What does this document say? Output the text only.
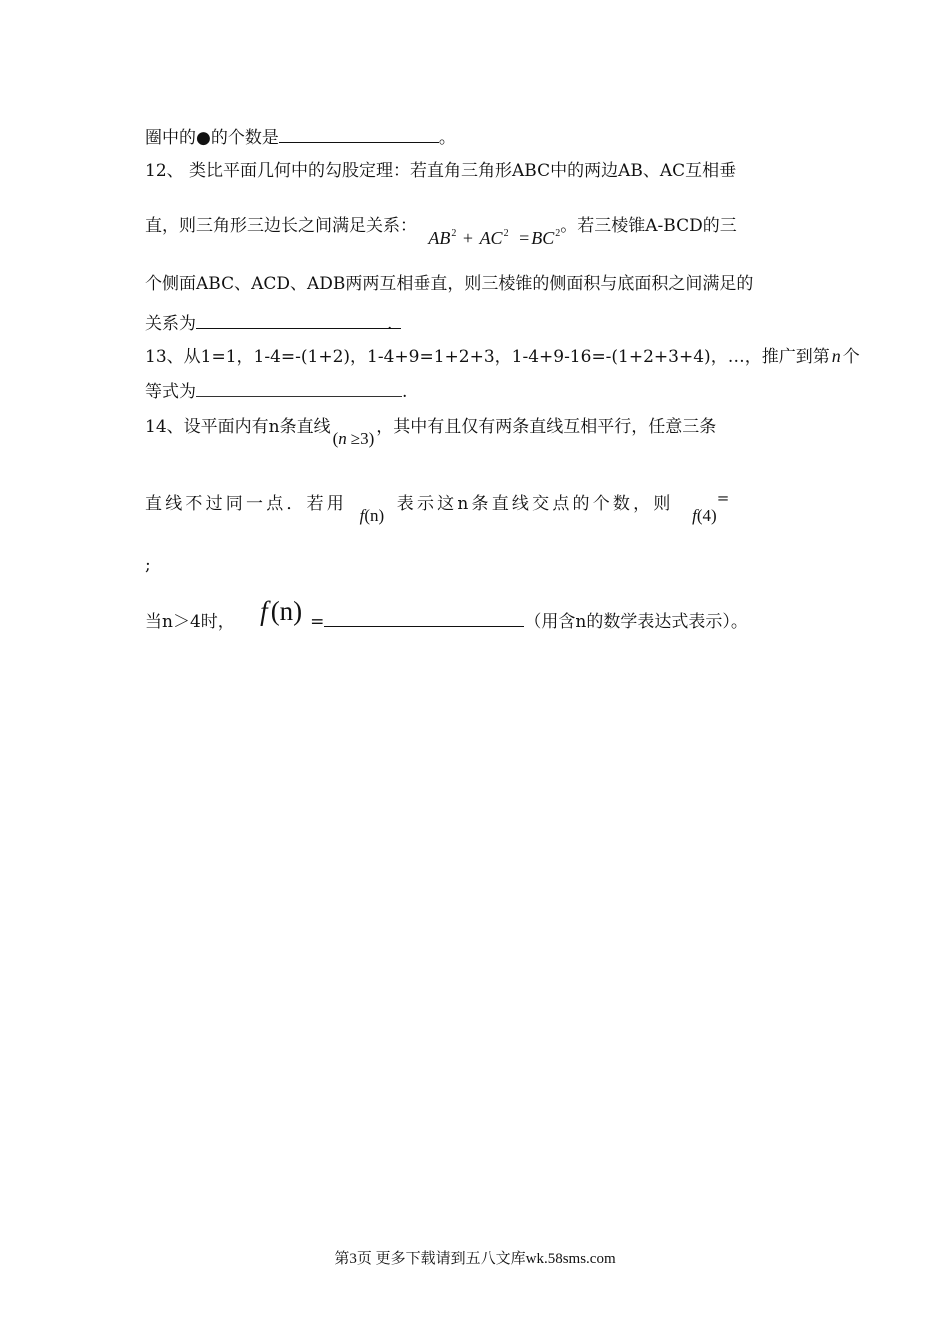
圈中的●的个数是	。
12、 类比平面几何中的勾股定理：若直角三角形ABC中的两边AB、AC互相垂
直，则三角形三边长之间满足关系： $AB^2 + AC^2 = BC^2$。若三棱锥A-BCD的三
个侧面ABC、ACD、ADB两两互相垂直，则三棱锥的侧面积与底面积之间满足的
关系为	.
13、从1=1，1-4=-(1+2)，1-4+9=1+2+3，1-4+9-16=-(1+2+3+4)，…，推广到第 n 个
等式为	.
14、设平面内有n条直线(n ≥3)，其中有且仅有两条直线互相平行，任意三条
直线不过同一点．若用 f(n) 表示这n条直线交点的个数，则 f(4)=
;
当n＞4时， f (n) =	（用含n的数学表达式表示）。
第3页 更多下载请到五八文库wk.58sms.com
